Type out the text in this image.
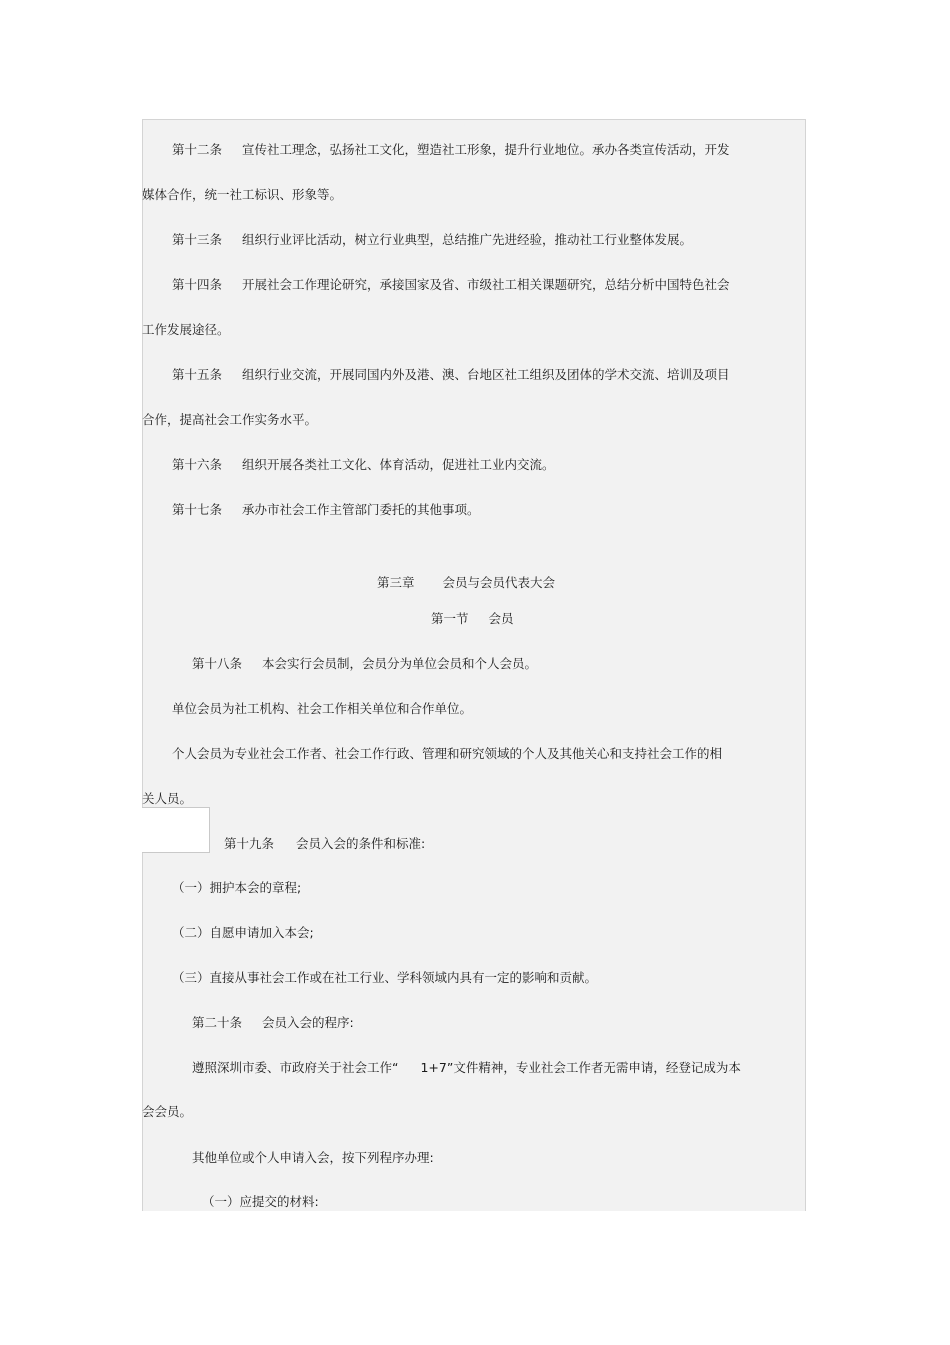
第十二条 宣传社工理念，弘扬社工文化，塑造社工形象，提升行业地位。承办各类宣传活动，开发
媒体合作，统一社工标识、形象等。
第十三条 组织行业评比活动，树立行业典型，总结推广先进经验，推动社工行业整体发展。
第十四条 开展社会工作理论研究，承接国家及省、市级社工相关课题研究，总结分析中国特色社会
工作发展途径。
第十五条 组织行业交流，开展同国内外及港、澳、台地区社工组织及团体的学术交流、培训及项目
合作，提高社会工作实务水平。
第十六条 组织开展各类社工文化、体育活动，促进社工业内交流。
第十七条 承办市社会工作主管部门委托的其他事项。
第三章 会员与会员代表大会
第一节 会员
第十八条 本会实行会员制，会员分为单位会员和个人会员。
单位会员为社工机构、社会工作相关单位和合作单位。
个人会员为专业社会工作者、社会工作行政、管理和研究领域的个人及其他关心和支持社会工作的相
关人员。
第十九条 会员入会的条件和标准:
（一）拥护本会的章程;
（二）自愿申请加入本会;
（三）直接从事社会工作或在社工行业、学科领域内具有一定的影响和贡献。
第二十条 会员入会的程序:
遵照深圳市委、市政府关于社会工作“ 1+7”文件精神，专业社会工作者无需申请，经登记成为本
会会员。
其他单位或个人申请入会，按下列程序办理:
（一）应提交的材料:
